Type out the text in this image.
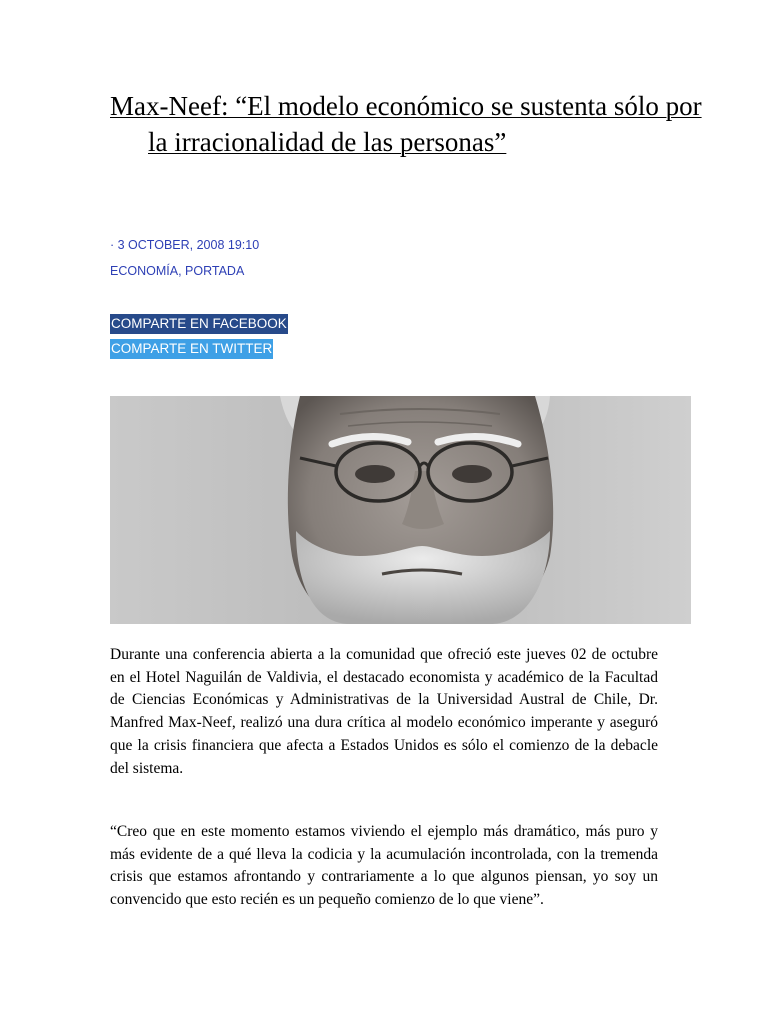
Max-Neef: “El modelo económico se sustenta sólo por la irracionalidad de las personas”

· 3 OCTOBER, 2008 19:10

ECONOMÍA, PORTADA

COMPARTE EN FACEBOOK
COMPARTE EN TWITTER

Durante una conferencia abierta a la comunidad que ofreció este jueves 02 de octubre en el Hotel Naguilán de Valdivia, el destacado economista y académico de la Facultad de Ciencias Económicas y Administrativas de la Universidad Austral de Chile, Dr. Manfred Max-Neef, realizó una dura crítica al modelo económico imperante y aseguró que la crisis financiera que afecta a Estados Unidos es sólo el comienzo de la debacle del sistema.

“Creo que en este momento estamos viviendo el ejemplo más dramático, más puro y más evidente de a qué lleva la codicia y la acumulación incontrolada, con la tremenda crisis que estamos afrontando y contrariamente a lo que algunos piensan, yo soy un convencido que esto recién es un pequeño comienzo de lo que viene”.
